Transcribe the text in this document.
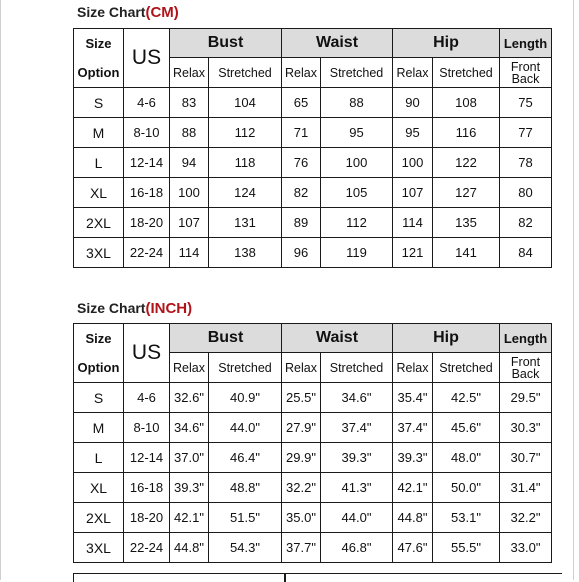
Size Chart(CM)
Size
Option	US	Bust		Waist		Hip		Length
		Relax	Stretched	Relax	Stretched	Relax	Stretched	Front
Back

S	4-6	83	104	65	88	90	108	75
M	8-10	88	112	71	95	95	116	77
L	12-14	94	118	76	100	100	122	78
XL	16-18	100	124	82	105	107	127	80
2XL	18-20	107	131	89	112	114	135	82
3XL	22-24	114	138	96	119	121	141	84
Size Chart(INCH)
Size
Option	US	Bust		Waist		Hip		Length
		Relax	Stretched	Relax	Stretched	Relax	Stretched	Front
Back

S	4-6	32.6"	40.9"	25.5"	34.6"	35.4"	42.5"	29.5"
M	8-10	34.6"	44.0"	27.9"	37.4"	37.4"	45.6"	30.3"
L	12-14	37.0"	46.4"	29.9"	39.3"	39.3"	48.0"	30.7"
XL	16-18	39.3"	48.8"	32.2"	41.3"	42.1"	50.0"	31.4"
2XL	18-20	42.1"	51.5"	35.0"	44.0"	44.8"	53.1"	32.2"
3XL	22-24	44.8"	54.3"	37.7"	46.8"	47.6"	55.5"	33.0"
